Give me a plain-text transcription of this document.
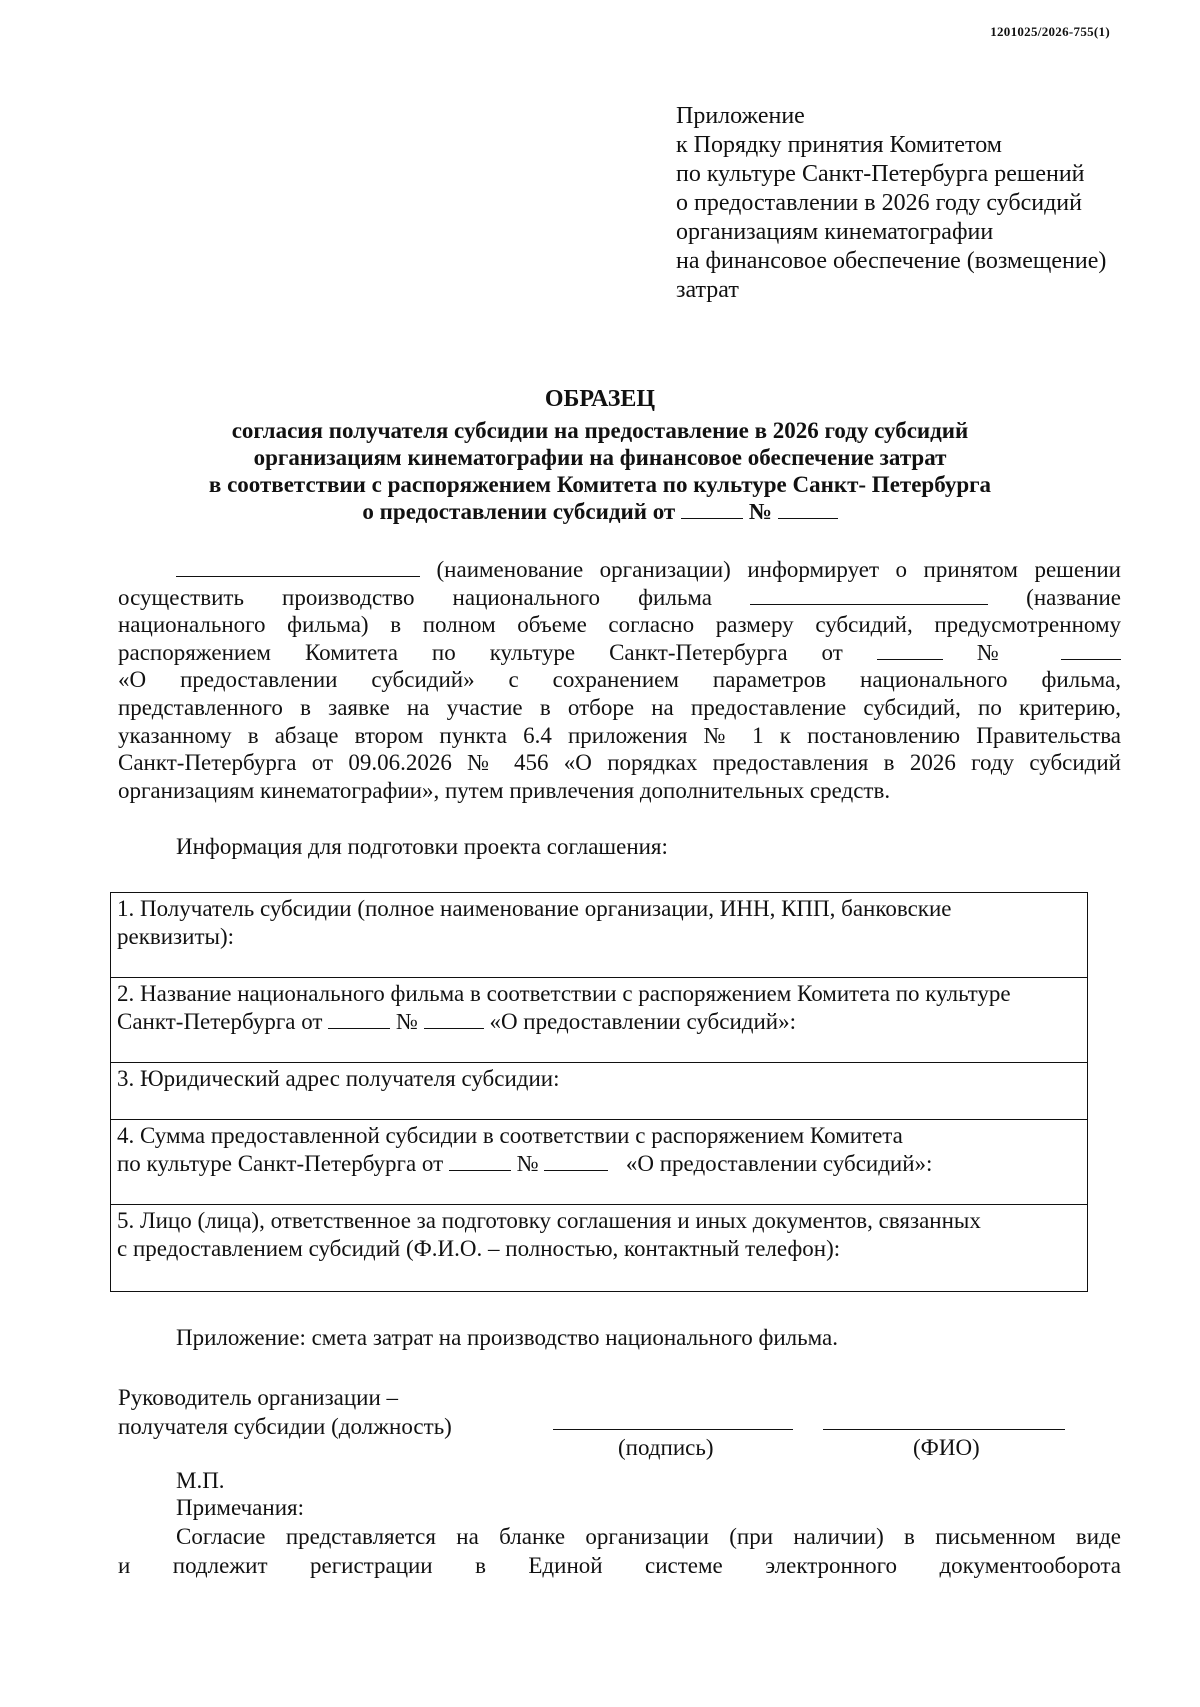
1201025/2026-755(1)
Приложение
к Порядку принятия Комитетом
по культуре Санкт-Петербурга решений
о предоставлении в 2026 году субсидий
организациям кинематографии
на финансовое обеспечение (возмещение)
затрат
ОБРАЗЕЦ
согласия получателя субсидии на предоставление в 2026 году субсидий
организациям кинематографии на финансовое обеспечение затрат
в соответствии с распоряжением Комитета по культуре Санкт- Петербурга
о предоставлении субсидий от	№
(наименование организации) информирует о принятом решении
осуществить производство национального фильма	(название
национального фильма) в полном объеме согласно размеру субсидий, предусмотренному
распоряжением Комитета по культуре Санкт-Петербурга от	№
«О предоставлении субсидий» с сохранением параметров национального фильма,
представленного в заявке на участие в отборе на предоставление субсидий, по критерию,
указанному в абзаце втором пункта 6.4 приложения № 1 к постановлению Правительства
Санкт-Петербурга от 09.06.2026 № 456 «О порядках предоставления в 2026 году субсидий
организациям кинематографии», путем привлечения дополнительных средств.
Информация для подготовки проекта соглашения:
1. Получатель субсидии (полное наименование организации, ИНН, КПП, банковские
реквизиты):
2. Название национального фильма в соответствии с распоряжением Комитета по культуре
Санкт-Петербурга от	№	«О предоставлении субсидий»:
3. Юридический адрес получателя субсидии:
4. Сумма предоставленной субсидии в соответствии с распоряжением Комитета
по культуре Санкт-Петербурга от	№	«О предоставлении субсидий»:
5. Лицо (лица), ответственное за подготовку соглашения и иных документов, связанных
с предоставлением субсидий (Ф.И.О. – полностью, контактный телефон):
Приложение: смета затрат на производство национального фильма.
Руководитель организации –
получателя субсидии (должность)
(подпись)	(ФИО)
М.П.
Примечания:
Согласие представляется на бланке организации (при наличии) в письменном виде
и подлежит регистрации в Единой системе электронного документооборота
